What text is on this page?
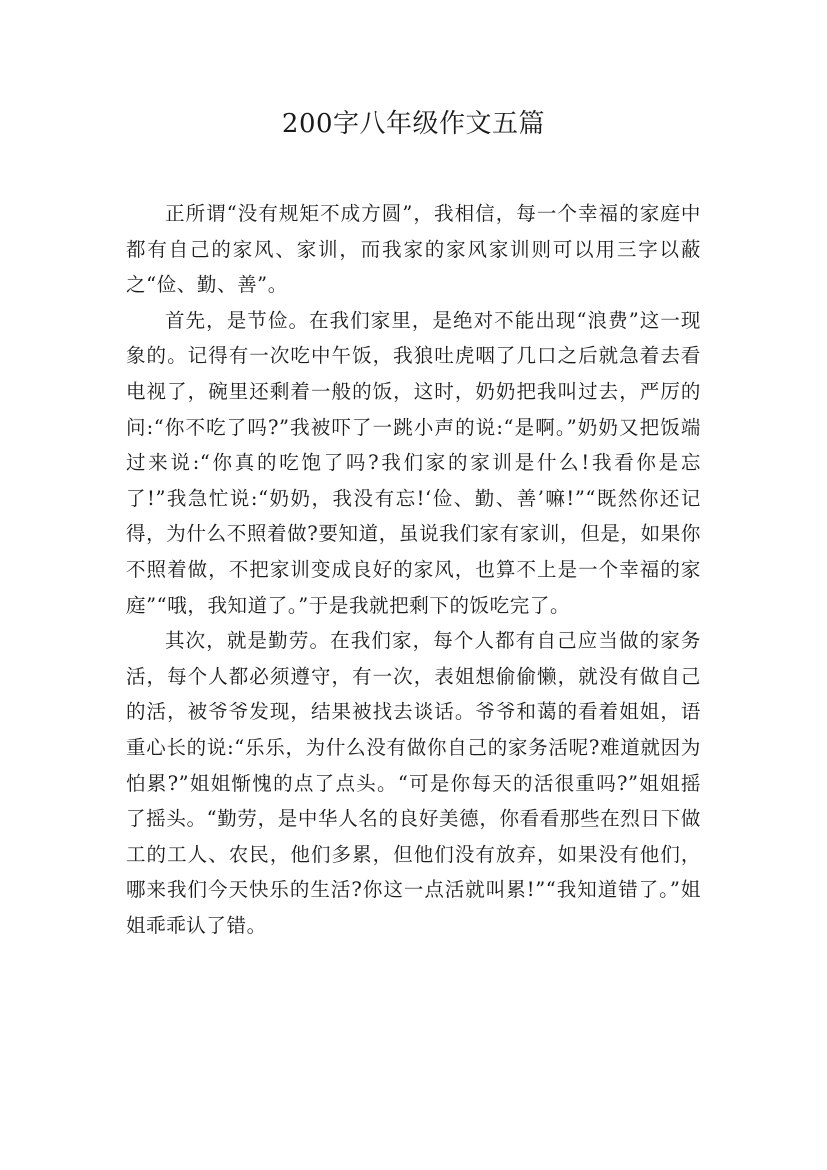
200字八年级作文五篇

正所谓“没有规矩不成方圆”，我相信，每一个幸福的家庭中都有自己的家风、家训，而我家的家风家训则可以用三字以蔽之“俭、勤、善”。

首先，是节俭。在我们家里，是绝对不能出现“浪费”这一现象的。记得有一次吃中午饭，我狼吐虎咽了几口之后就急着去看电视了，碗里还剩着一般的饭，这时，奶奶把我叫过去，严厉的问:“你不吃了吗?”我被吓了一跳小声的说:“是啊。”奶奶又把饭端过来说:“你真的吃饱了吗?我们家的家训是什么!我看你是忘了!”我急忙说:“奶奶，我没有忘!‘俭、勤、善’嘛!”“既然你还记得，为什么不照着做?要知道，虽说我们家有家训，但是，如果你不照着做，不把家训变成良好的家风，也算不上是一个幸福的家庭”“哦，我知道了。”于是我就把剩下的饭吃完了。

其次，就是勤劳。在我们家，每个人都有自己应当做的家务活，每个人都必须遵守，有一次，表姐想偷偷懒，就没有做自己的活，被爷爷发现，结果被找去谈话。爷爷和蔼的看着姐姐，语重心长的说:“乐乐，为什么没有做你自己的家务活呢?难道就因为怕累?”姐姐惭愧的点了点头。“可是你每天的活很重吗?”姐姐摇了摇头。“勤劳，是中华人名的良好美德，你看看那些在烈日下做工的工人、农民，他们多累，但他们没有放弃，如果没有他们，哪来我们今天快乐的生活?你这一点活就叫累!”“我知道错了。”姐姐乖乖认了错。
